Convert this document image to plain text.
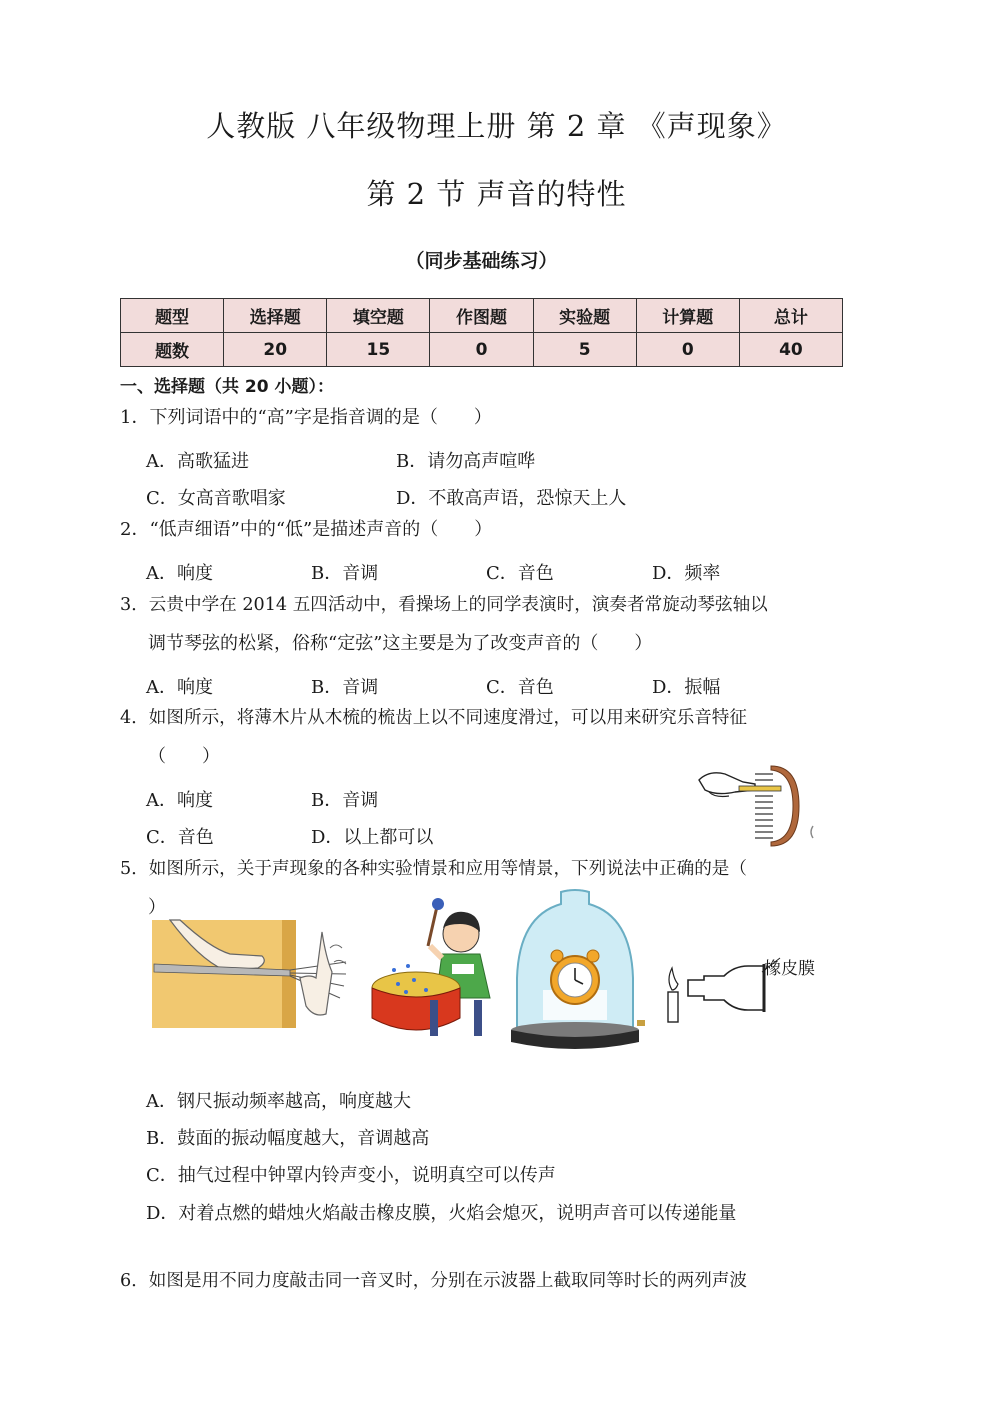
人教版 八年级物理上册 第 2 章 《声现象》
第 2 节 声音的特性
（同步基础练习）
题型	选择题	填空题	作图题	实验题	计算题	总计
题数	20	15	0	5	0	40
一、选择题（共 20 小题）：
1．下列词语中的“高”字是指音调的是（　　）
A．高歌猛进	B．请勿高声喧哗
C．女高音歌唱家	D．不敢高声语，恐惊天上人
2．“低声细语”中的“低”是描述声音的（　　）
A．响度	B．音调	C．音色	D．频率
3．云贵中学在 2014 五四活动中，看操场上的同学表演时，演奏者常旋动琴弦轴以
调节琴弦的松紧，俗称“定弦”这主要是为了改变声音的（　　）
A．响度	B．音调	C．音色	D．振幅
4．如图所示，将薄木片从木梳的梳齿上以不同速度滑过，可以用来研究乐音特征
（　　）
A．响度	B．音调
C．音色	D．以上都可以
5．如图所示，关于声现象的各种实验情景和应用等情景，下列说法中正确的是（
）
橡皮膜
A．钢尺振动频率越高，响度越大
B．鼓面的振动幅度越大，音调越高
C．抽气过程中钟罩内铃声变小，说明真空可以传声
D．对着点燃的蜡烛火焰敲击橡皮膜，火焰会熄灭，说明声音可以传递能量
6．如图是用不同力度敲击同一音叉时，分别在示波器上截取同等时长的两列声波
